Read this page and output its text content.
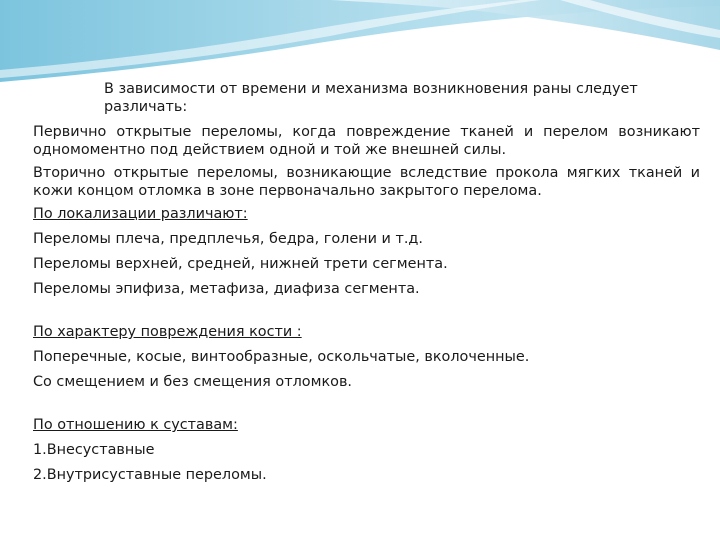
В зависимости от времени и механизма возникновения раны следует различать:

Первично открытые переломы, когда повреждение тканей и перелом возникают одномоментно под действием одной и той же внешней силы.

Вторично открытые переломы, возникающие вследствие прокола мягких тканей и кожи концом отломка в зоне первоначально закрытого перелома.

По локализации различают:

Переломы плеча, предплечья, бедра, голени и т.д.

Переломы верхней, средней, нижней трети сегмента.

Переломы эпифиза, метафиза, диафиза сегмента.

По характеру повреждения кости :

Поперечные, косые, винтообразные, оскольчатые, вколоченные.

Со смещением и без смещения отломков.

По отношению к суставам:

1.Внесуставные

2.Внутрисуставные переломы.
